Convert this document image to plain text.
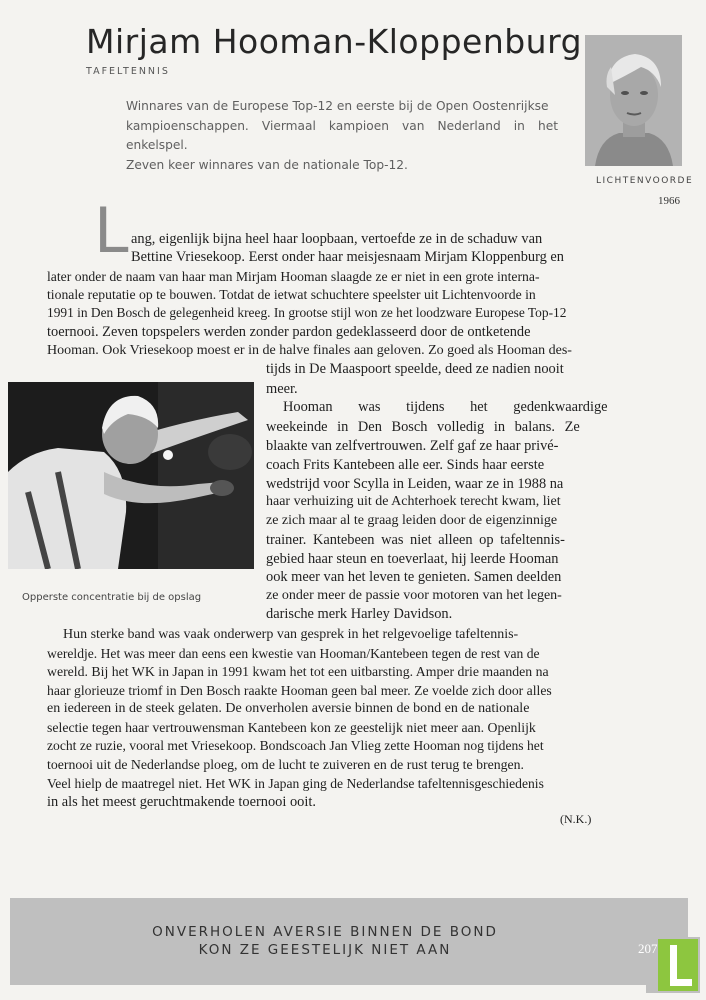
Mirjam Hooman-Kloppenburg
TAFELTENNIS
Winnares van de Europese Top-12 en eerste bij de Open Oostenrijkse
kampioenschappen. Viermaal kampioen van Nederland in het enkelspel.
Zeven keer winnares van de nationale Top-12.
LICHTENVOORDE
1966
L ang, eigenlijk bijna heel haar loopbaan, vertoefde ze in de schaduw van
Bettine Vriesekoop. Eerst onder haar meisjesnaam Mirjam Kloppenburg en
later onder de naam van haar man Mirjam Hooman slaagde ze er niet in een grote interna-
tionale reputatie op te bouwen. Totdat de ietwat schuchtere speelster uit Lichtenvoorde in
1991 in Den Bosch de gelegenheid kreeg. In grootse stijl won ze het loodzware Europese Top-12
toernooi. Zeven topspelers werden zonder pardon gedeklasseerd door de ontketende
Hooman. Ook Vriesekoop moest er in de halve finales aan geloven. Zo goed als Hooman des-
tijds in De Maaspoort speelde, deed ze nadien nooit
meer.
Hooman was tijdens het gedenkwaardige
weekeinde in Den Bosch volledig in balans. Ze
blaakte van zelfvertrouwen. Zelf gaf ze haar privé-
coach Frits Kantebeen alle eer. Sinds haar eerste
wedstrijd voor Scylla in Leiden, waar ze in 1988 na
haar verhuizing uit de Achterhoek terecht kwam, liet
ze zich maar al te graag leiden door de eigenzinnige
trainer. Kantebeen was niet alleen op tafeltennis-
gebied haar steun en toeverlaat, hij leerde Hooman
ook meer van het leven te genieten. Samen deelden
ze onder meer de passie voor motoren van het legen-
darische merk Harley Davidson.
Hun sterke band was vaak onderwerp van gesprek in het relgevoelige tafeltennis-
wereldje. Het was meer dan eens een kwestie van Hooman/Kantebeen tegen de rest van de
wereld. Bij het WK in Japan in 1991 kwam het tot een uitbarsting. Amper drie maanden na
haar glorieuze triomf in Den Bosch raakte Hooman geen bal meer. Ze voelde zich door alles
en iedereen in de steek gelaten. De onverholen aversie binnen de bond en de nationale
selectie tegen haar vertrouwensman Kantebeen kon ze geestelijk niet meer aan. Openlijk
zocht ze ruzie, vooral met Vriesekoop. Bondscoach Jan Vlieg zette Hooman nog tijdens het
toernooi uit de Nederlandse ploeg, om de lucht te zuiveren en de rust terug te brengen.
Veel hielp de maatregel niet. Het WK in Japan ging de Nederlandse tafeltennisgeschiedenis
in als het meest geruchtmakende toernooi ooit.
Opperste concentratie bij de opslag
(N.K.)
ONVERHOLEN AVERSIE BINNEN DE BOND
KON ZE GEESTELIJK NIET AAN	207
